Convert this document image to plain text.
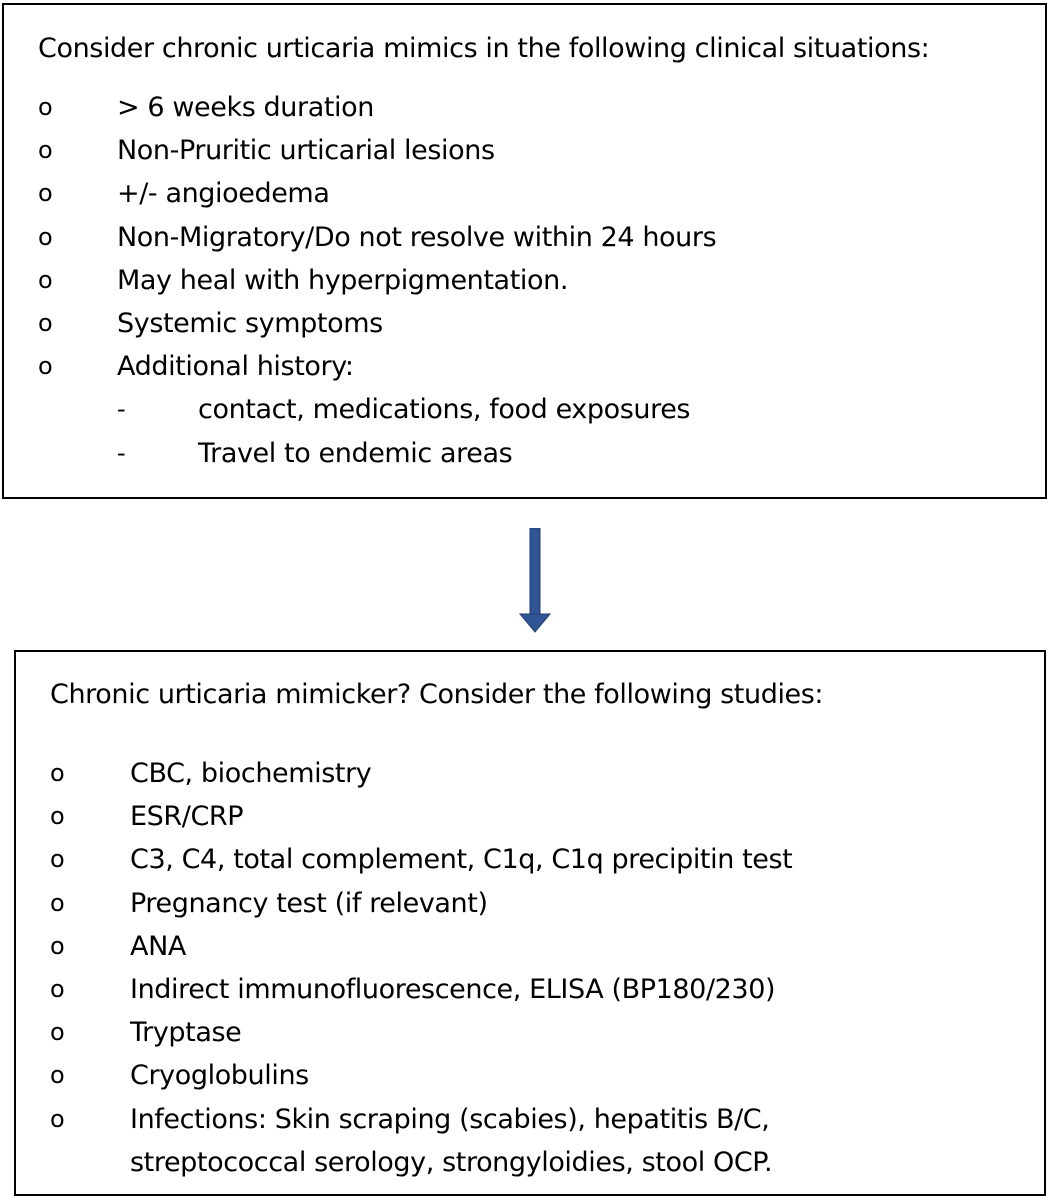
Consider chronic urticaria mimics in the following clinical situations:
o > 6 weeks duration
o Non-Pruritic urticarial lesions
o +/- angioedema
o Non-Migratory/Do not resolve within 24 hours
o May heal with hyperpigmentation.
o Systemic symptoms
o Additional history:
-	contact, medications, food exposures
-	Travel to endemic areas
Chronic urticaria mimicker? Consider the following studies:
o CBC, biochemistry
o ESR/CRP
o C3, C4, total complement, C1q, C1q precipitin test
o Pregnancy test (if relevant)
o ANA
o Indirect immunofluorescence, ELISA (BP180/230)
o Tryptase
o Cryoglobulins
o Infections: Skin scraping (scabies), hepatitis B/C,
streptococcal serology, strongyloidies, stool OCP.
